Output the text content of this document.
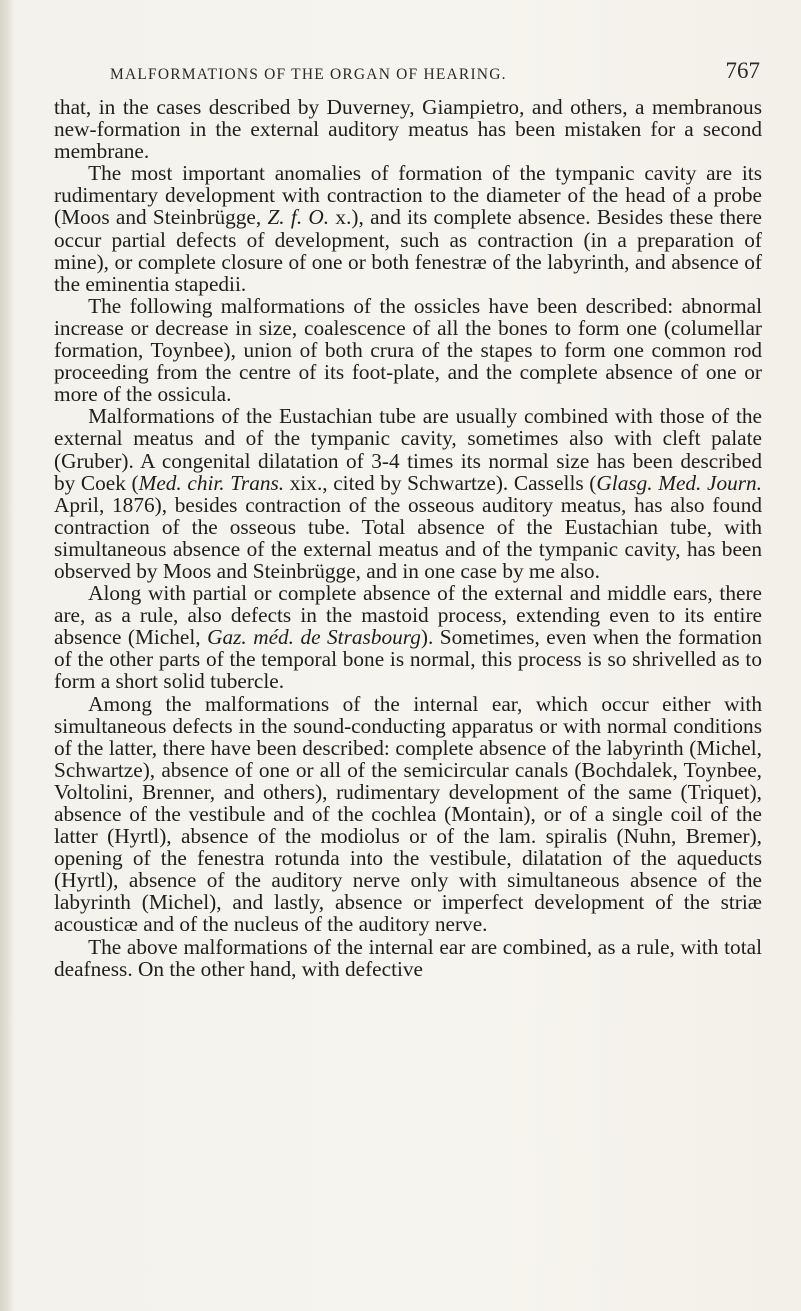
MALFORMATIONS OF THE ORGAN OF HEARING.	767

that, in the cases described by Duverney, Giampietro, and others, a membranous new-formation in the external auditory meatus has been mistaken for a second membrane.

The most important anomalies of formation of the tympanic cavity are its rudimentary development with contraction to the diameter of the head of a probe (Moos and Steinbrügge, Z. f. O. x.), and its complete absence. Besides these there occur partial defects of development, such as contraction (in a preparation of mine), or complete closure of one or both fenestræ of the labyrinth, and absence of the eminentia stapedii.

The following malformations of the ossicles have been described: abnormal increase or decrease in size, coalescence of all the bones to form one (columellar formation, Toynbee), union of both crura of the stapes to form one common rod proceeding from the centre of its foot-plate, and the complete absence of one or more of the ossicula.

Malformations of the Eustachian tube are usually combined with those of the external meatus and of the tympanic cavity, sometimes also with cleft palate (Gruber). A congenital dilatation of 3-4 times its normal size has been described by Coek (Med. chir. Trans. xix., cited by Schwartze). Cassells (Glasg. Med. Journ. April, 1876), besides contraction of the osseous auditory meatus, has also found contraction of the osseous tube. Total absence of the Eustachian tube, with simultaneous absence of the external meatus and of the tympanic cavity, has been observed by Moos and Steinbrügge, and in one case by me also.

Along with partial or complete absence of the external and middle ears, there are, as a rule, also defects in the mastoid process, extending even to its entire absence (Michel, Gaz. méd. de Strasbourg). Sometimes, even when the formation of the other parts of the temporal bone is normal, this process is so shrivelled as to form a short solid tubercle.

Among the malformations of the internal ear, which occur either with simultaneous defects in the sound-conducting apparatus or with normal conditions of the latter, there have been described: complete absence of the labyrinth (Michel, Schwartze), absence of one or all of the semicircular canals (Bochdalek, Toynbee, Voltolini, Brenner, and others), rudimentary development of the same (Triquet), absence of the vestibule and of the cochlea (Montain), or of a single coil of the latter (Hyrtl), absence of the modiolus or of the lam. spiralis (Nuhn, Bremer), opening of the fenestra rotunda into the vestibule, dilatation of the aqueducts (Hyrtl), absence of the auditory nerve only with simultaneous absence of the labyrinth (Michel), and lastly, absence or imperfect development of the striæ acousticæ and of the nucleus of the auditory nerve.

The above malformations of the internal ear are combined, as a rule, with total deafness. On the other hand, with defective
